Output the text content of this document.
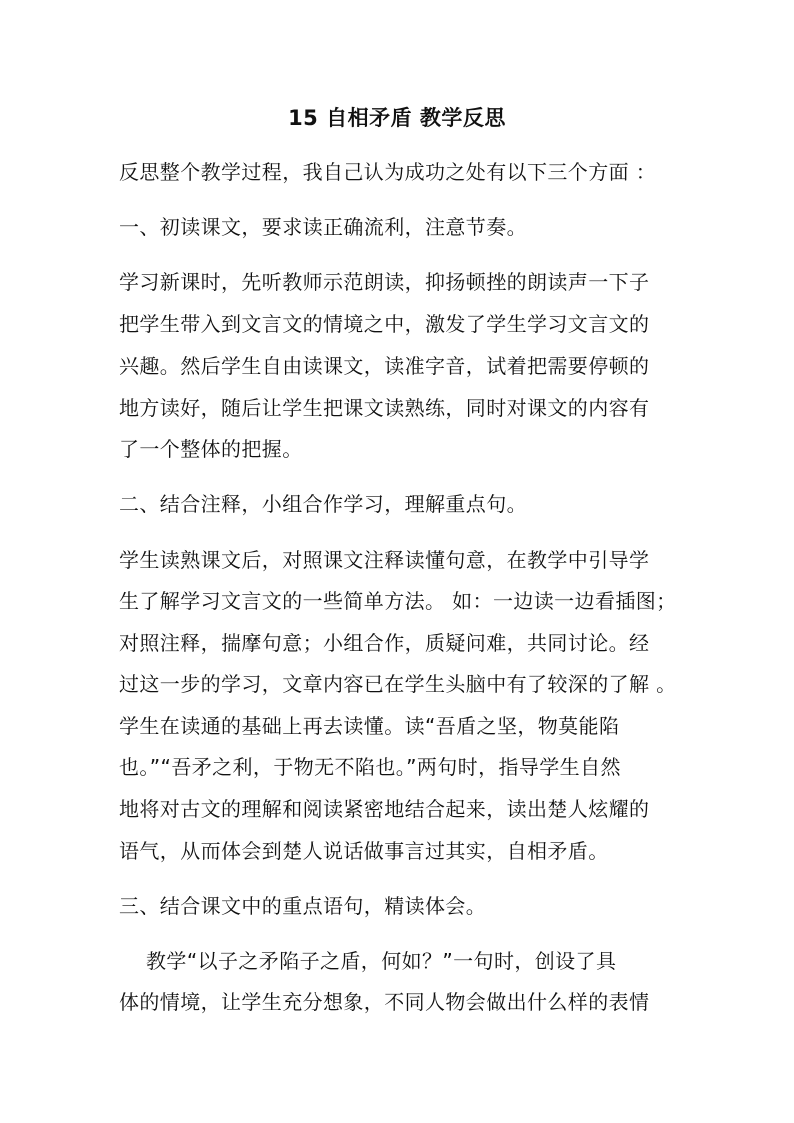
15 自相矛盾 教学反思
反思整个教学过程，我自己认为成功之处有以下三个方面 ：
一、初读课文，要求读正确流利，注意节奏。
学习新课时，先听教师示范朗读，抑扬顿挫的朗读声一下子
把学生带入到文言文的情境之中，激发了学生学习文言文的
兴趣。然后学生自由读课文，读准字音，试着把需要停顿的
地方读好，随后让学生把课文读熟练，同时对课文的内容有
了一个整体的把握。
二、结合注释，小组合作学习，理解重点句。
学生读熟课文后，对照课文注释读懂句意，在教学中引导学
生了解学习文言文的一些简单方法。 如：一边读一边看插图；
对照注释，揣摩句意；小组合作，质疑问难，共同讨论。经
过这一步的学习，文章内容已在学生头脑中有了较深的了解 。
学生在读通的基础上再去读懂。读“吾盾之坚，物莫能陷
也。”“吾矛之利，于物无不陷也。”两句时，指导学生自然
地将对古文的理解和阅读紧密地结合起来，读出楚人炫耀的
语气，从而体会到楚人说话做事言过其实，自相矛盾。
三、结合课文中的重点语句，精读体会。
教学“以子之矛陷子之盾，何如？”一句时，创设了具
体的情境，让学生充分想象，不同人物会做出什么样的表情
